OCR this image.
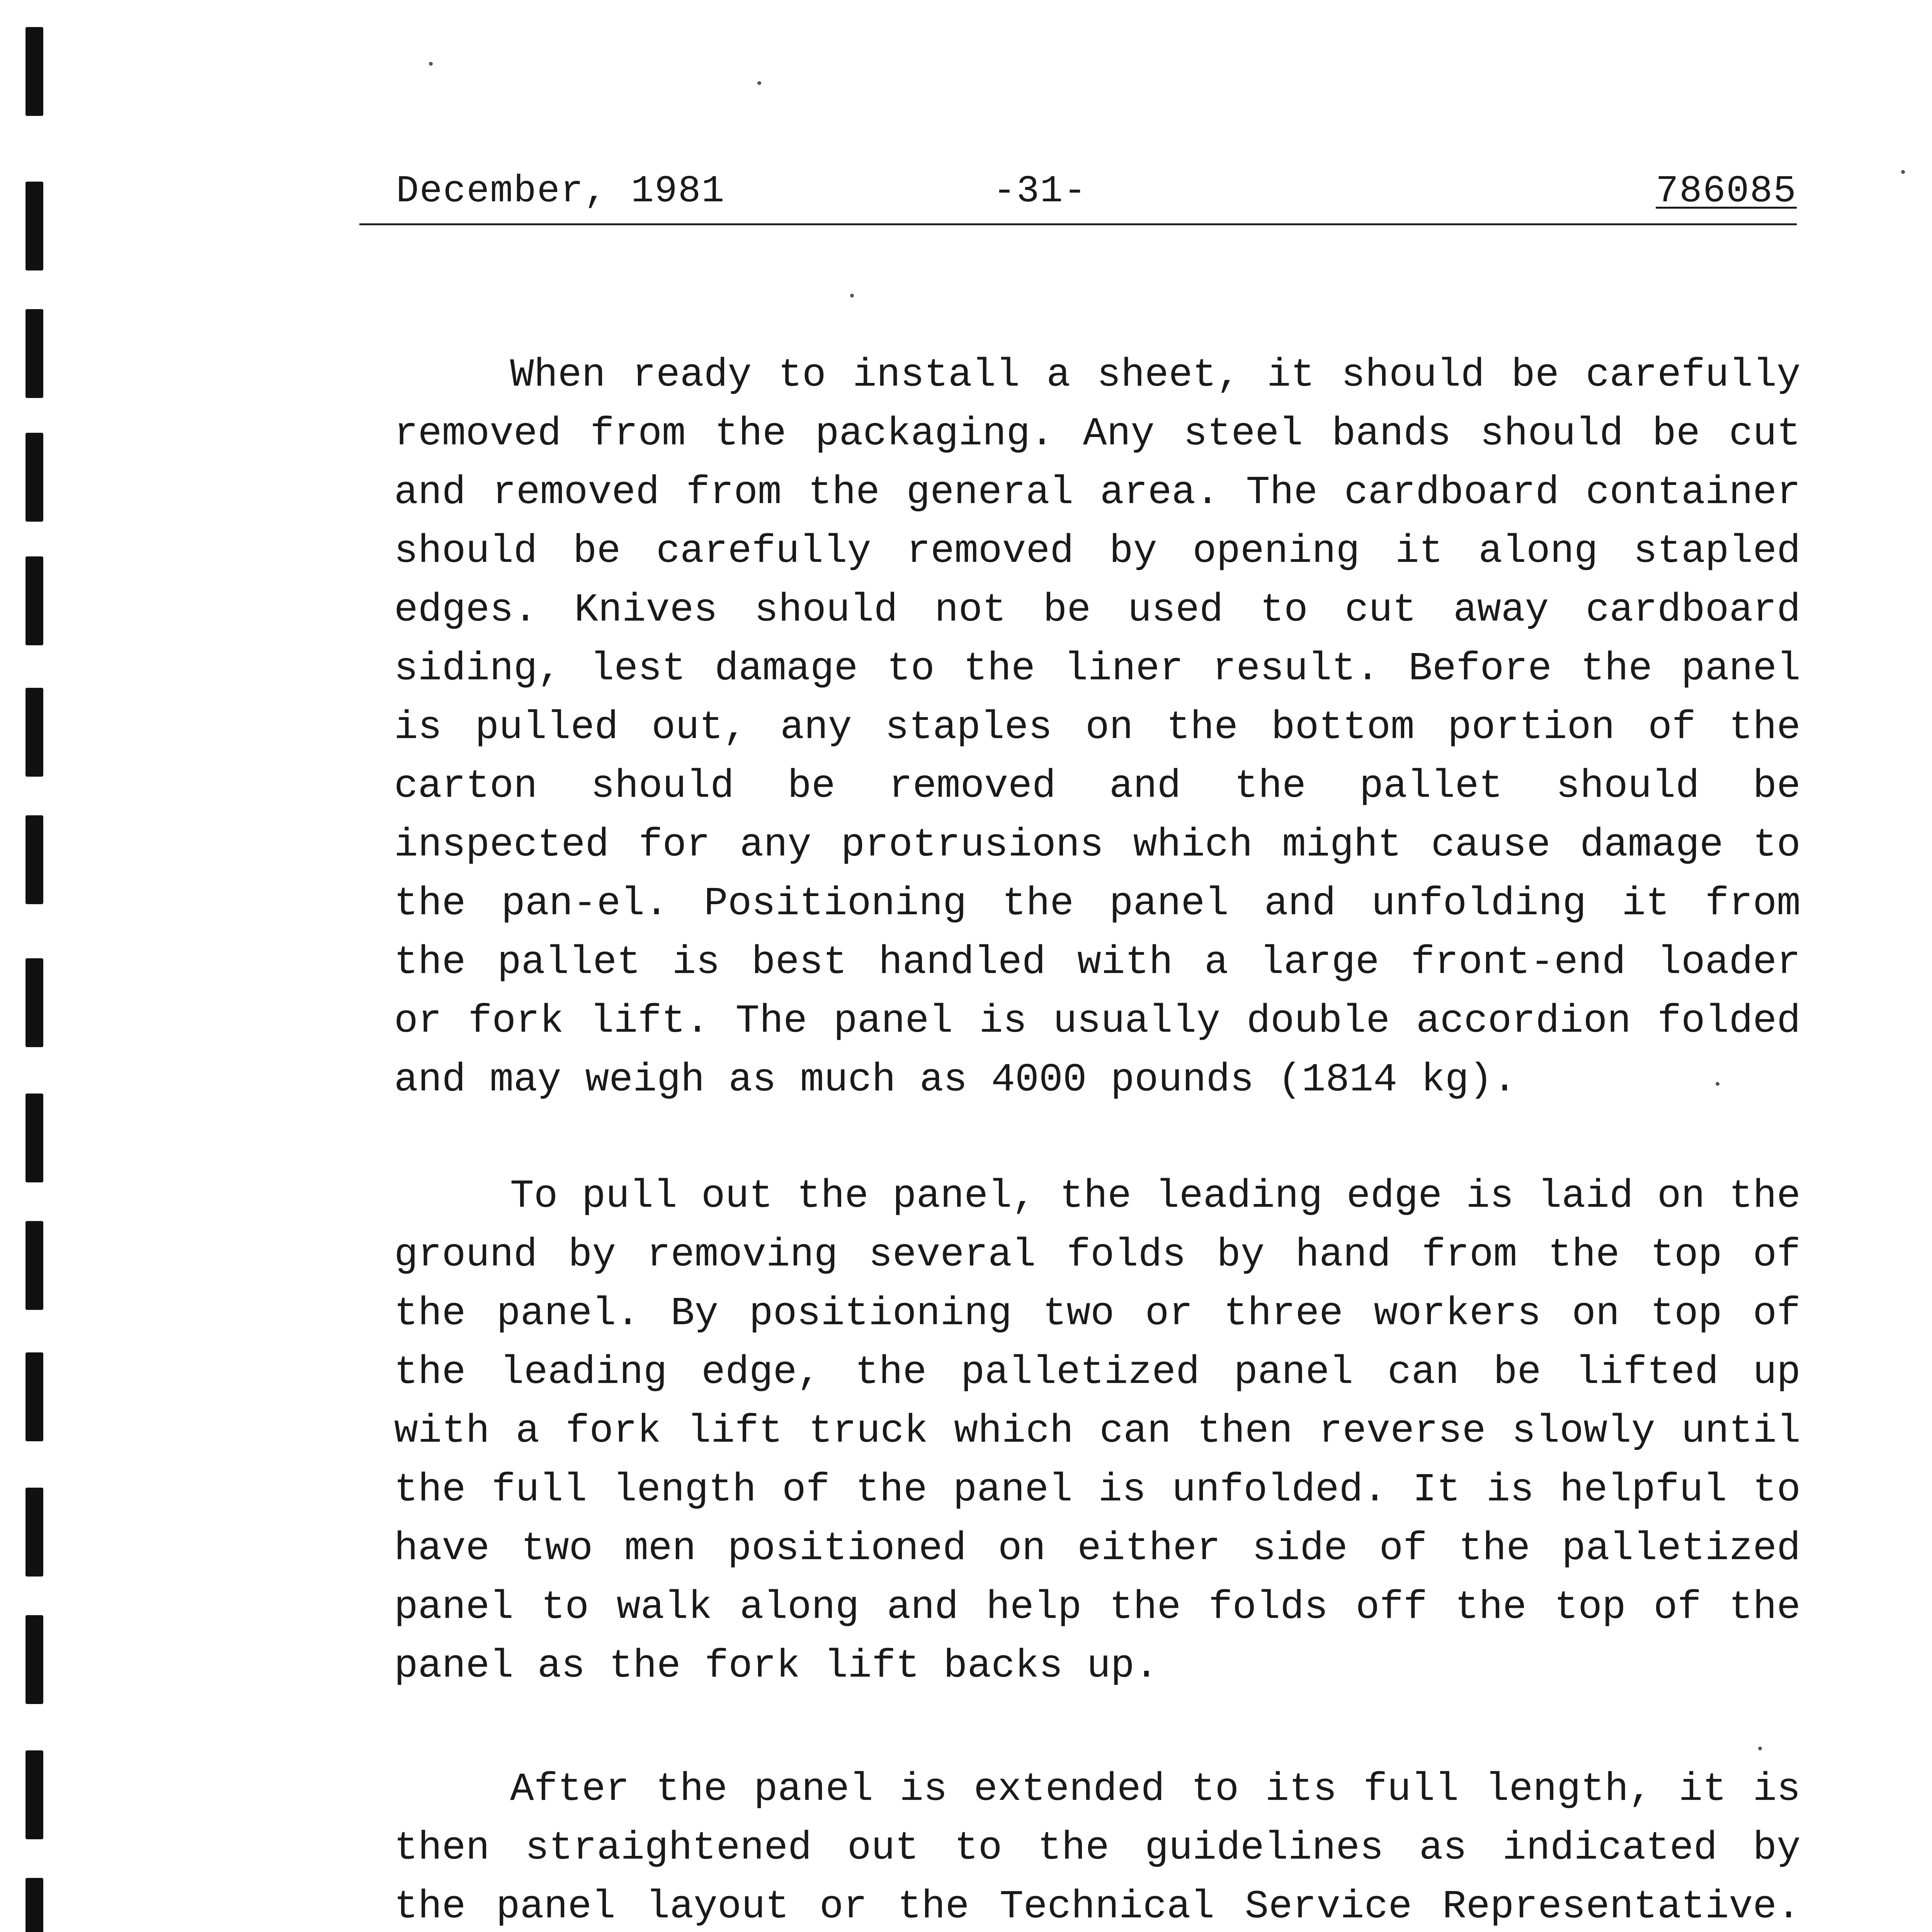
December, 1981	-31-	786085

When ready to install a sheet, it should be carefully removed from the packaging. Any steel bands should be cut and removed from the general area. The cardboard container should be carefully removed by opening it along stapled edges. Knives should not be used to cut away cardboard siding, lest damage to the liner result. Before the panel is pulled out, any staples on the bottom portion of the carton should be removed and the pallet should be inspected for any protrusions which might cause damage to the pan-el. Positioning the panel and unfolding it from the pallet is best handled with a large front-end loader or fork lift. The panel is usually double accordion folded and may weigh as much as 4000 pounds (1814 kg).

To pull out the panel, the leading edge is laid on the ground by removing several folds by hand from the top of the panel. By positioning two or three workers on top of the leading edge, the palletized panel can be lifted up with a fork lift truck which can then reverse slowly until the full length of the panel is unfolded. It is helpful to have two men positioned on either side of the palletized panel to walk along and help the folds off the top of the panel as the fork lift backs up.

After the panel is extended to its full length, it is then straightened out to the guidelines as indicated by the panel layout or the Technical Service Representative.
